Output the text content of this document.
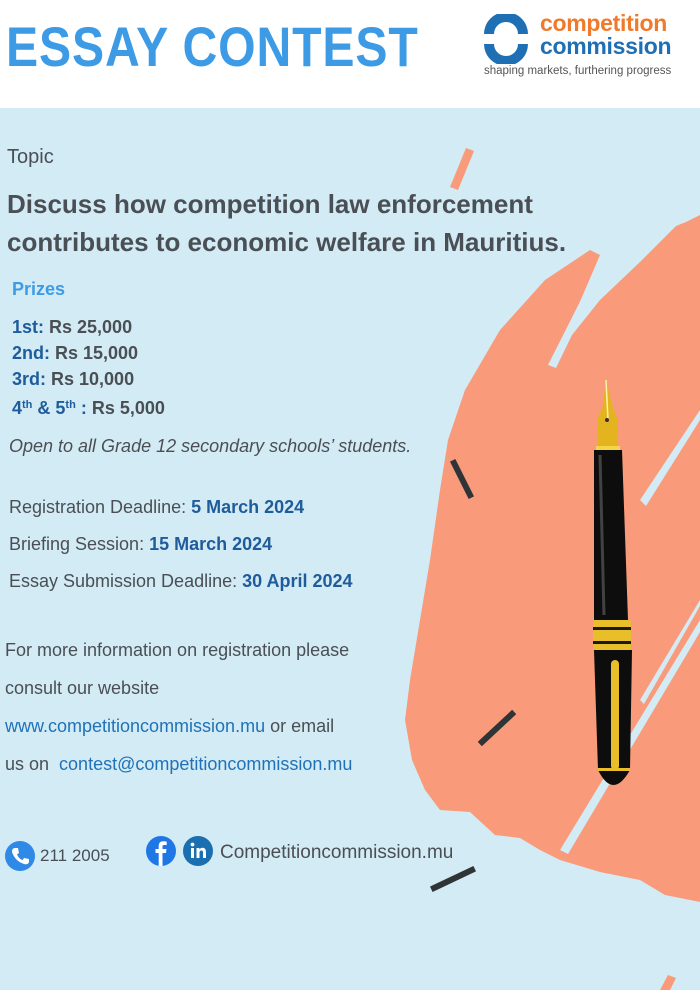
ESSAY CONTEST	competition
commission
shaping markets, furthering progress
Topic
Discuss how competition law enforcement contributes to economic welfare in Mauritius.
Prizes
1st: Rs 25,000
2nd: Rs 15,000
3rd: Rs 10,000
4th & 5th : Rs 5,000
Open to all Grade 12 secondary schools’ students.
Registration Deadline: 5 March 2024
Briefing Session: 15 March 2024
Essay Submission Deadline: 30 April 2024
For more information on registration please
consult our website
www.competitioncommission.mu or email
us on  contest@competitioncommission.mu
211 2005	Competitioncommission.mu
